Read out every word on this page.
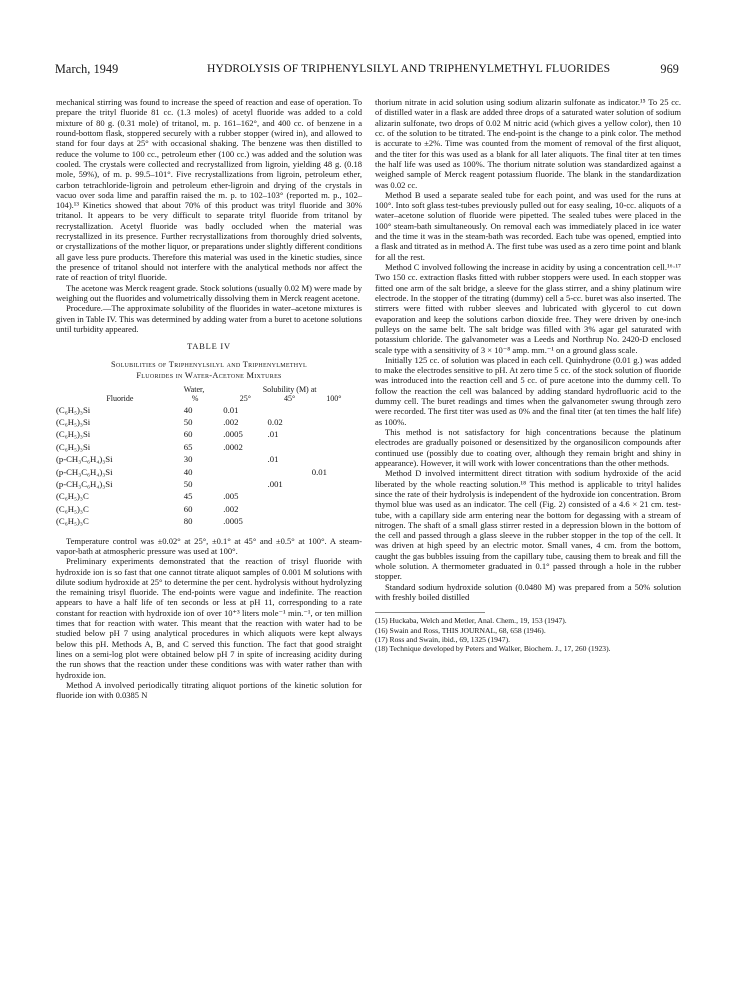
March, 1949	HYDROLYSIS OF TRIPHENYLSILYL AND TRIPHENYLMETHYL FLUORIDES	969

mechanical stirring was found to increase the speed of reaction and ease of operation. To prepare the trityl fluoride 81 cc. (1.3 moles) of acetyl fluoride was added to a cold mixture of 80 g. (0.31 mole) of tritanol, m. p. 161–162°, and 400 cc. of benzene in a round-bottom flask, stoppered securely with a rubber stopper (wired in), and allowed to stand for four days at 25° with occasional shaking. The benzene was then distilled to reduce the volume to 100 cc., petroleum ether (100 cc.) was added and the solution was cooled. The crystals were collected and recrystallized from ligroin, yielding 48 g. (0.18 mole, 59%), of m. p. 99.5–101°. Five recrystallizations from ligroin, petroleum ether, carbon tetrachloride-ligroin and petroleum ether-ligroin and drying of the crystals in vacuo over soda lime and paraffin raised the m. p. to 102–103° (reported m. p., 102–104).¹³ Kinetics showed that about 70% of this product was trityl fluoride and 30% tritanol. It appears to be very difficult to separate trityl fluoride from tritanol by recrystallization. Acetyl fluoride was badly occluded when the material was recrystallized in its presence. Further recrystallizations from thoroughly dried solvents, or crystallizations of the mother liquor, or preparations under slightly different conditions all gave less pure products. Therefore this material was used in the kinetic studies, since the presence of tritanol should not interfere with the analytical methods nor affect the rate of reaction of trityl fluoride.

The acetone was Merck reagent grade. Stock solutions (usually 0.02 M) were made by weighing out the fluorides and volumetrically dissolving them in Merck reagent acetone.

Procedure.—The approximate solubility of the fluorides in water–acetone mixtures is given in Table IV. This was determined by adding water from a buret to acetone solutions until turbidity appeared.

TABLE IV
Solubilities of Triphenylsilyl and Triphenylmethyl
Fluorides in Water-Acetone Mixtures
Fluoride	Water,	Solubility (M) at		
	%	25°	45°	100°
(C₆H₅)₃Si	40	0.01		
(C₆H₅)₃Si	50	.002	0.02	
(C₆H₅)₃Si	60	.0005	.01	
(C₆H₅)₃Si	65	.0002		
(p-CH₃C₆H₄)₃Si	30		.01	
(p-CH₃C₆H₄)₃Si	40			0.01
(p-CH₃C₆H₄)₃Si	50		.001	
(C₆H₅)₃C	45	.005		
(C₆H₅)₃C	60	.002		
(C₆H₅)₃C	80	.0005		

Temperature control was ±0.02° at 25°, ±0.1° at 45° and ±0.5° at 100°. A steam-vapor-bath at atmospheric pressure was used at 100°.

Preliminary experiments demonstrated that the reaction of trisyl fluoride with hydroxide ion is so fast that one cannot titrate aliquot samples of 0.001 M solutions with dilute sodium hydroxide at 25° to determine the per cent. hydrolysis without hydrolyzing the remaining trisyl fluoride. The end-points were vague and indefinite. The reaction appears to have a half life of ten seconds or less at pH 11, corresponding to a rate constant for reaction with hydroxide ion of over 10⁺³ liters mole⁻¹ min.⁻¹, or ten million times that for reaction with water. This meant that the reaction with water had to be studied below pH 7 using analytical procedures in which aliquots were kept always below this pH. Methods A, B, and C served this function. The fact that good straight lines on a semi-log plot were obtained below pH 7 in spite of increasing acidity during the run shows that the reaction under these conditions was with water rather than with hydroxide ion.

Method A involved periodically titrating aliquot portions of the kinetic solution for fluoride ion with 0.0385 N

thorium nitrate in acid solution using sodium alizarin sulfonate as indicator.¹⁵ To 25 cc. of distilled water in a flask are added three drops of a saturated water solution of sodium alizarin sulfonate, two drops of 0.02 M nitric acid (which gives a yellow color), then 10 cc. of the solution to be titrated. The end-point is the change to a pink color. The method is accurate to ±2%. Time was counted from the moment of removal of the first aliquot, and the titer for this was used as a blank for all later aliquots. The final titer at ten times the half life was used as 100%. The thorium nitrate solution was standardized against a weighed sample of Merck reagent potassium fluoride. The blank in the standardization was 0.02 cc.

Method B used a separate sealed tube for each point, and was used for the runs at 100°. Into soft glass test-tubes previously pulled out for easy sealing, 10-cc. aliquots of a water–acetone solution of fluoride were pipetted. The sealed tubes were placed in the 100° steam-bath simultaneously. On removal each was immediately placed in ice water and the time it was in the steam-bath was recorded. Each tube was opened, emptied into a flask and titrated as in method A. The first tube was used as a zero time point and blank for all the rest.

Method C involved following the increase in acidity by using a concentration cell.¹⁶·¹⁷ Two 150 cc. extraction flasks fitted with rubber stoppers were used. In each stopper was fitted one arm of the salt bridge, a sleeve for the glass stirrer, and a shiny platinum wire electrode. In the stopper of the titrating (dummy) cell a 5-cc. buret was also inserted. The stirrers were fitted with rubber sleeves and lubricated with glycerol to cut down evaporation and keep the solutions carbon dioxide free. They were driven by one-inch pulleys on the same belt. The salt bridge was filled with 3% agar gel saturated with potassium chloride. The galvanometer was a Leeds and Northrup No. 2420-D enclosed scale type with a sensitivity of 3 × 10⁻⁸ amp. mm.⁻¹ on a ground glass scale.

Initially 125 cc. of solution was placed in each cell. Quinhydrone (0.01 g.) was added to make the electrodes sensitive to pH. At zero time 5 cc. of the stock solution of fluoride was introduced into the reaction cell and 5 cc. of pure acetone into the dummy cell. To follow the reaction the cell was balanced by adding standard hydrofluoric acid to the dummy cell. The buret readings and times when the galvanometer swung through zero were recorded. The first titer was used as 0% and the final titer (at ten times the half life) as 100%.

This method is not satisfactory for high concentrations because the platinum electrodes are gradually poisoned or desensitized by the organosilicon compounds after continued use (possibly due to coating over, although they remain bright and shiny in appearance). However, it will work with lower concentrations than the other methods.

Method D involved intermittent direct titration with sodium hydroxide of the acid liberated by the whole reacting solution.¹⁸ This method is applicable to trityl halides since the rate of their hydrolysis is independent of the hydroxide ion concentration. Brom thymol blue was used as an indicator. The cell (Fig. 2) consisted of a 4.6 × 21 cm. test-tube, with a capillary side arm entering near the bottom for degassing with a stream of nitrogen. The shaft of a small glass stirrer rested in a depression blown in the bottom of the cell and passed through a glass sleeve in the rubber stopper in the top of the cell. It was driven at high speed by an electric motor. Small vanes, 4 cm. from the bottom, caught the gas bubbles issuing from the capillary tube, causing them to break and fill the whole solution. A thermometer graduated in 0.1° passed through a hole in the rubber stopper.

Standard sodium hydroxide solution (0.0480 M) was prepared from a 50% solution with freshly boiled distilled

(15) Huckaba, Welch and Metler, Anal. Chem., 19, 153 (1947).
(16) Swain and Ross, THIS JOURNAL, 68, 658 (1946).
(17) Ross and Swain, ibid., 69, 1325 (1947).
(18) Technique developed by Peters and Walker, Biochem. J., 17, 260 (1923).
